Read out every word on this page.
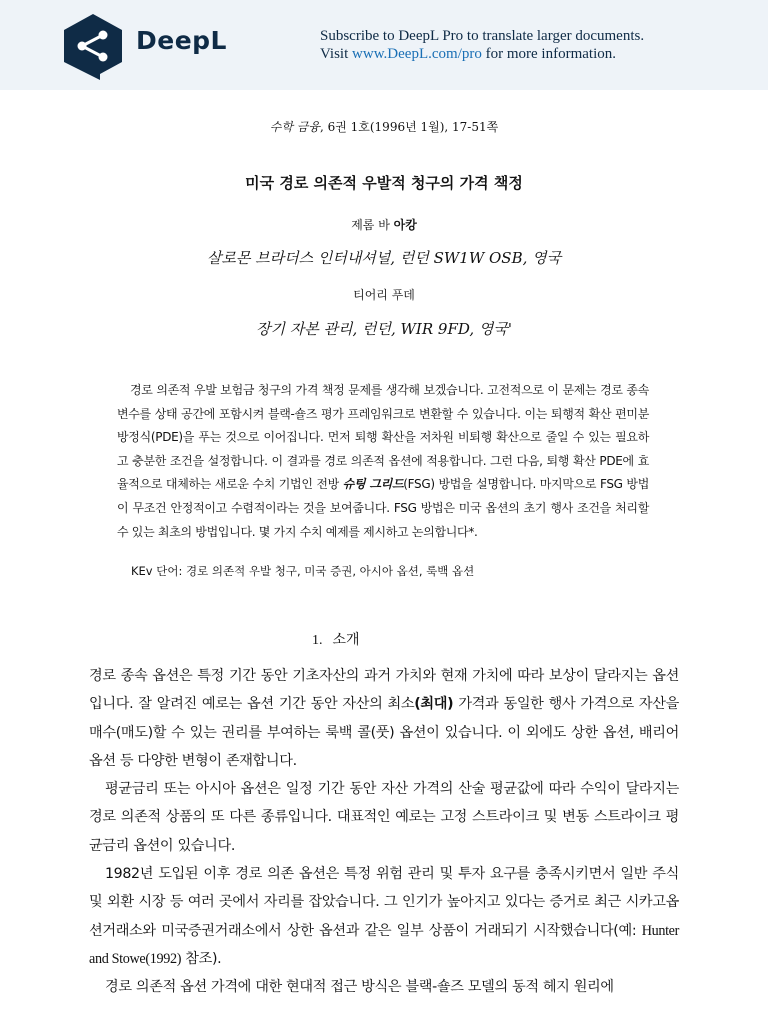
DeepL	Subscribe to DeepL Pro to translate larger documents.
Visit www.DeepL.com/pro for more information.
수학 금융, 6권 1호(1996년 1월), 17-51쪽
미국 경로 의존적 우발적 청구의 가격 책정
제롬 바 아캉
살로몬 브라더스 인터내셔널, 런던 SW1W OSB, 영국
티어리 푸데
장기 자본 관리, 런던, WIR 9FD, 영국'
경로 의존적 우발 보험금 청구의 가격 책정 문제를 생각해 보겠습니다. 고전적으로 이 문제는 경로 종속 변수를 상태 공간에 포함시켜 블랙-숄즈 평가 프레임워크로 변환할 수 있습니다. 이는 퇴행적 확산 편미분 방정식(PDE)을 푸는 것으로 이어집니다. 먼저 퇴행 확산을 저차원 비퇴행 확산으로 줄일 수 있는 필요하고 충분한 조건을 설정합니다. 이 결과를 경로 의존적 옵션에 적용합니다. 그런 다음, 퇴행 확산 PDE에 효율적으로 대체하는 새로운 수치 기법인 전방 슈팅 그리드(FSG) 방법을 설명합니다. 마지막으로 FSG 방법이 무조건 안정적이고 수렴적이라는 것을 보여줍니다. FSG 방법은 미국 옵션의 초기 행사 조건을 처리할 수 있는 최초의 방법입니다. 몇 가지 수치 예제를 제시하고 논의합니다*.
KEv 단어: 경로 의존적 우발 청구, 미국 증권, 아시아 옵션, 룩백 옵션
1. 소개

경로 종속 옵션은 특정 기간 동안 기초자산의 과거 가치와 현재 가치에 따라 보상이 달라지는 옵션입니다. 잘 알려진 예로는 옵션 기간 동안 자산의 최소(최대) 가격과 동일한 행사 가격으로 자산을 매수(매도)할 수 있는 권리를 부여하는 룩백 콜(풋) 옵션이 있습니다. 이 외에도 상한 옵션, 배리어 옵션 등 다양한 변형이 존재합니다.

평균금리 또는 아시아 옵션은 일정 기간 동안 자산 가격의 산술 평균값에 따라 수익이 달라지는 경로 의존적 상품의 또 다른 종류입니다. 대표적인 예로는 고정 스트라이크 및 변동 스트라이크 평균금리 옵션이 있습니다.

1982년 도입된 이후 경로 의존 옵션은 특정 위험 관리 및 투자 요구를 충족시키면서 일반 주식 및 외환 시장 등 여러 곳에서 자리를 잡았습니다. 그 인기가 높아지고 있다는 증거로 최근 시카고옵션거래소와 미국증권거래소에서 상한 옵션과 같은 일부 상품이 거래되기 시작했습니다(예: Hunter and Stowe(1992) 참조).

경로 의존적 옵션 가격에 대한 현대적 접근 방식은 블랙-숄즈 모델의 동적 헤지 원리에
